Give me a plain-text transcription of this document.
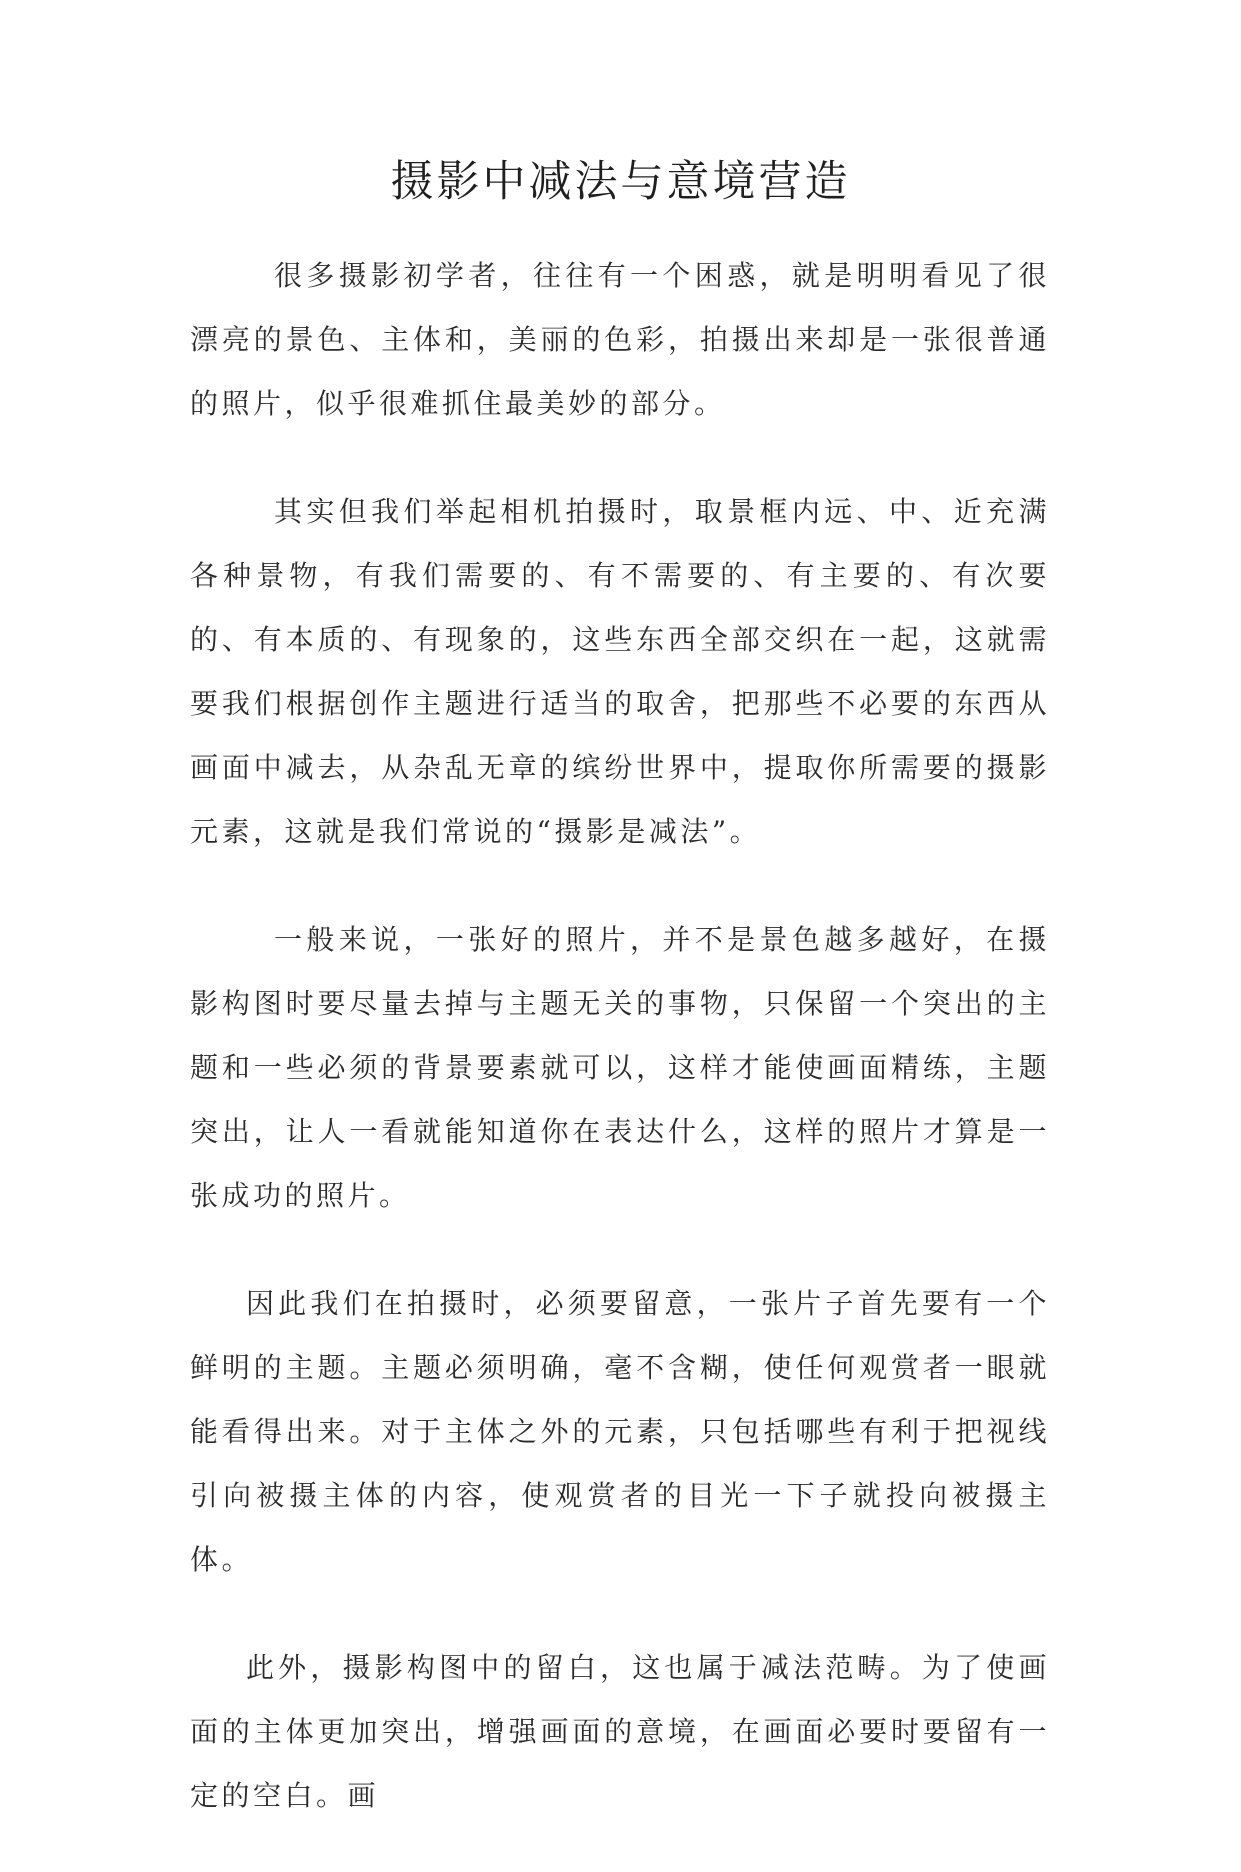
摄影中减法与意境营造

很多摄影初学者，往往有一个困惑，就是明明看见了很漂亮的景色、主体和，美丽的色彩，拍摄出来却是一张很普通的照片，似乎很难抓住最美妙的部分。

其实但我们举起相机拍摄时，取景框内远、中、近充满各种景物，有我们需要的、有不需要的、有主要的、有次要的、有本质的、有现象的，这些东西全部交织在一起，这就需要我们根据创作主题进行适当的取舍，把那些不必要的东西从画面中减去，从杂乱无章的缤纷世界中，提取你所需要的摄影元素，这就是我们常说的“摄影是减法”。

一般来说，一张好的照片，并不是景色越多越好，在摄影构图时要尽量去掉与主题无关的事物，只保留一个突出的主题和一些必须的背景要素就可以，这样才能使画面精练，主题突出，让人一看就能知道你在表达什么，这样的照片才算是一张成功的照片。

因此我们在拍摄时，必须要留意，一张片子首先要有一个鲜明的主题。主题必须明确，毫不含糊，使任何观赏者一眼就能看得出来。对于主体之外的元素，只包括哪些有利于把视线引向被摄主体的内容，使观赏者的目光一下子就投向被摄主体。

此外，摄影构图中的留白，这也属于减法范畴。为了使画面的主体更加突出，增强画面的意境，在画面必要时要留有一定的空白。画
